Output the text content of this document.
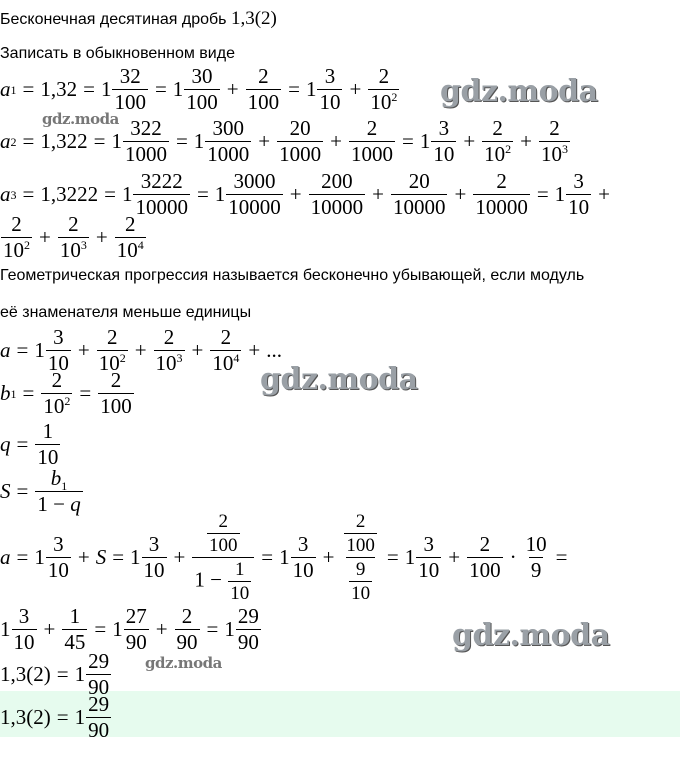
Бесконечная десятиная дробь 1,3(2)
Записать в обыкновенном виде
a $1 = 1,32 = 1 \frac{32}{100} = 1 \frac{30}{100} + \frac{2}{100} = 1 \frac{3}{10} + \frac{2}{10^2}$
a $2 = 1,322 = 1 \frac{322}{1000} = 1 \frac{300}{1000} + \frac{20}{1000} + \frac{2}{1000} = 1 \frac{3}{10} + \frac{2}{10^2} + \frac{2}{10^3}$
a $3 = 1,3222 = 1 \frac{3222}{10000} = 1 \frac{3000}{10000} + \frac{200}{10000} + \frac{20}{10000} + \frac{2}{10000} = 1 \frac{3}{10}$ +
$\frac{2}{10^2} + \frac{2}{10^3} + \frac{2}{10^4}$
Геометрическая прогрессия называется бесконечно убывающей, если модуль
её знаменателя меньше единицы
$a = 1 \frac{3}{10} + \frac{2}{10^2} + \frac{2}{10^3} + \frac{2}{10^4}$ + ...
b $1 = \frac{2}{10^2} = \frac{2}{100}$
$q = \frac{1}{10}$
$S = \frac{b_1}{1 - q}$
$a = 1 \frac{3}{10} + S = 1 \frac{3}{10} + \frac{\frac{2}{100}}{1 - \frac{1}{10}} = 1 \frac{3}{10} + \frac{\frac{2}{100}}{\frac{9}{10}} = 1 \frac{3}{10} + \frac{2}{100} \cdot \frac{10}{9}$ =
$1 \frac{3}{10} + \frac{1}{45} = 1 \frac{27}{90} + \frac{2}{90} = 1 \frac{29}{90}$
$1,3(2) = 1 \frac{29}{90}$
$1,3(2) = 1 \frac{29}{90}$
gdz.moda
gdz.moda
gdz.moda
gdz.moda
gdz.moda
